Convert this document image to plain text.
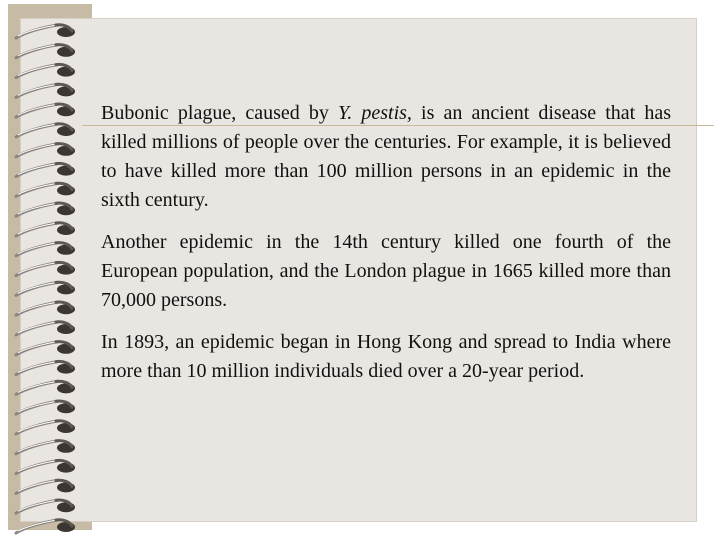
Bubonic plague, caused by Y. pestis, is an ancient disease that has killed millions of people over the centuries. For example, it is believed to have killed more than 100 million persons in an epidemic in the sixth century.

Another epidemic in the 14th century killed one fourth of the European population, and the London plague in 1665 killed more than 70,000 persons.

In 1893, an epidemic began in Hong Kong and spread to India where more than 10 million individuals died over a 20-year period.
